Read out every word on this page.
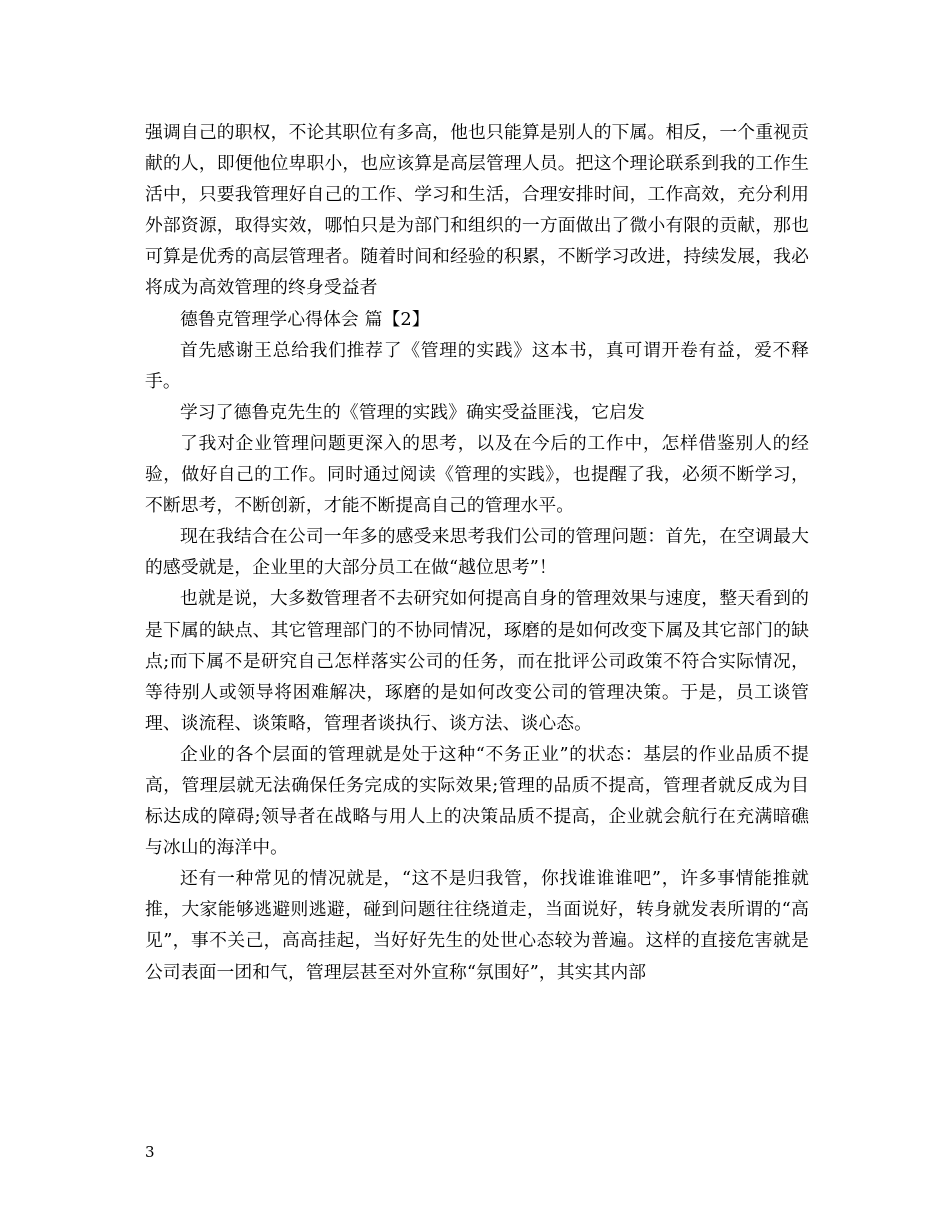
强调自己的职权，不论其职位有多高，他也只能算是别人的下属。相反，一个重视贡献的人，即便他位卑职小，也应该算是高层管理人员。把这个理论联系到我的工作生活中，只要我管理好自己的工作、学习和生活，合理安排时间，工作高效，充分利用外部资源，取得实效，哪怕只是为部门和组织的一方面做出了微小有限的贡献，那也可算是优秀的高层管理者。随着时间和经验的积累，不断学习改进，持续发展，我必将成为高效管理的终身受益者

德鲁克管理学心得体会 篇【2】

首先感谢王总给我们推荐了《管理的实践》这本书，真可谓开卷有益，爱不释手。

学习了德鲁克先生的《管理的实践》确实受益匪浅，它启发

了我对企业管理问题更深入的思考，以及在今后的工作中，怎样借鉴别人的经验，做好自己的工作。同时通过阅读《管理的实践》，也提醒了我，必须不断学习，不断思考，不断创新，才能不断提高自己的管理水平。

现在我结合在公司一年多的感受来思考我们公司的管理问题：首先，在空调最大的感受就是，企业里的大部分员工在做“越位思考”！

也就是说，大多数管理者不去研究如何提高自身的管理效果与速度，整天看到的是下属的缺点、其它管理部门的不协同情况，琢磨的是如何改变下属及其它部门的缺点;而下属不是研究自己怎样落实公司的任务，而在批评公司政策不符合实际情况，等待别人或领导将困难解决，琢磨的是如何改变公司的管理决策。于是，员工谈管理、谈流程、谈策略，管理者谈执行、谈方法、谈心态。

企业的各个层面的管理就是处于这种“不务正业”的状态：基层的作业品质不提高，管理层就无法确保任务完成的实际效果;管理的品质不提高，管理者就反成为目标达成的障碍;领导者在战略与用人上的决策品质不提高，企业就会航行在充满暗礁与冰山的海洋中。

还有一种常见的情况就是，“这不是归我管，你找谁谁谁吧”，许多事情能推就推，大家能够逃避则逃避，碰到问题往往绕道走，当面说好，转身就发表所谓的“高见”，事不关己，高高挂起，当好好先生的处世心态较为普遍。这样的直接危害就是公司表面一团和气，管理层甚至对外宣称“氛围好”，其实其内部

3
